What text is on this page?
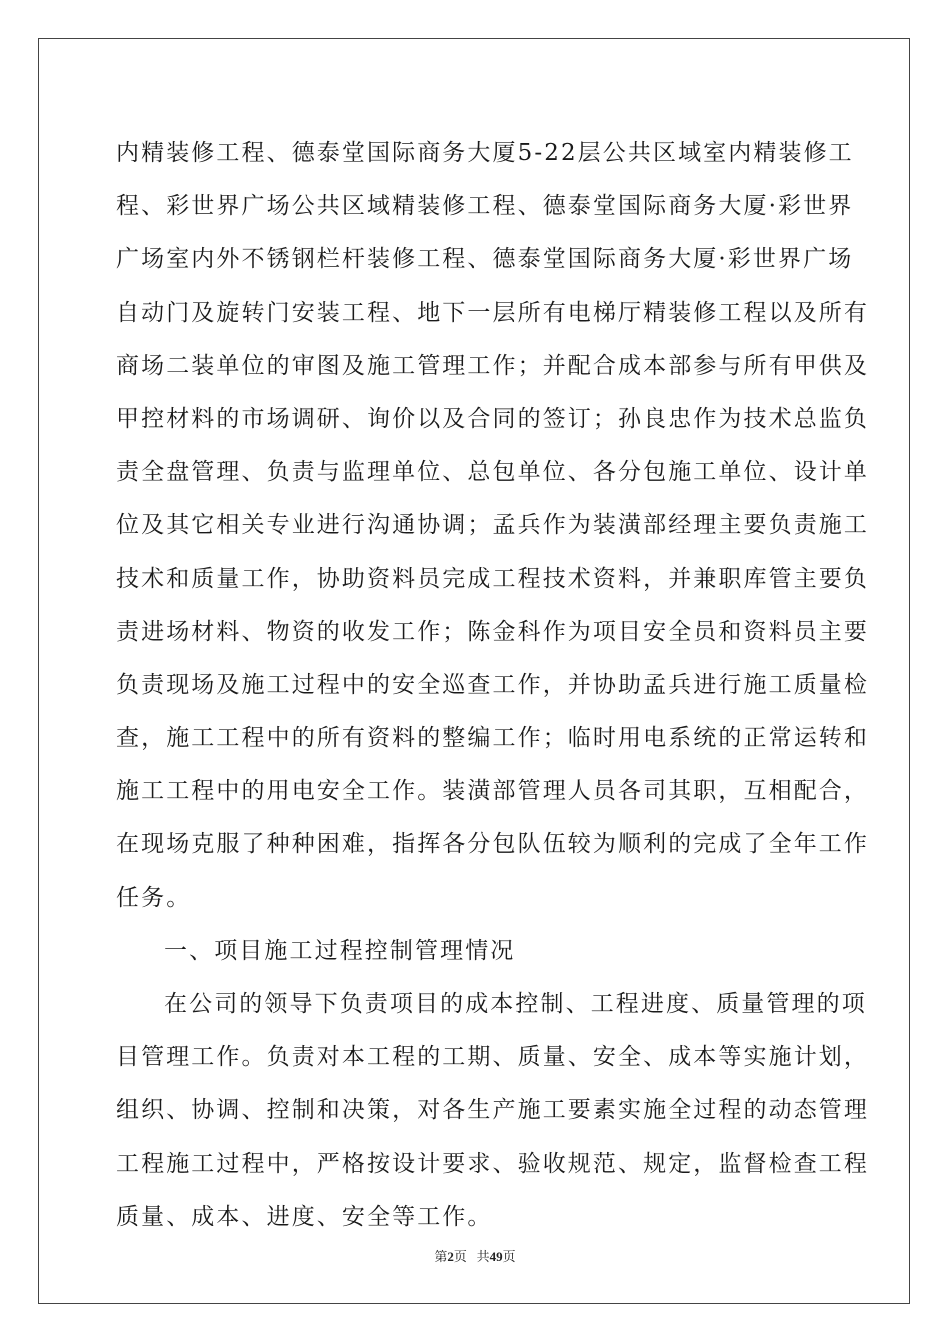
内精装修工程、德泰堂国际商务大厦5-22层公共区域室内精装修工
程、彩世界广场公共区域精装修工程、德泰堂国际商务大厦·彩世界
广场室内外不锈钢栏杆装修工程、德泰堂国际商务大厦·彩世界广场
自动门及旋转门安装工程、地下一层所有电梯厅精装修工程以及所有
商场二装单位的审图及施工管理工作；并配合成本部参与所有甲供及
甲控材料的市场调研、询价以及合同的签订；孙良忠作为技术总监负
责全盘管理、负责与监理单位、总包单位、各分包施工单位、设计单
位及其它相关专业进行沟通协调；孟兵作为装潢部经理主要负责施工
技术和质量工作，协助资料员完成工程技术资料，并兼职库管主要负
责进场材料、物资的收发工作；陈金科作为项目安全员和资料员主要
负责现场及施工过程中的安全巡查工作，并协助孟兵进行施工质量检
查，施工工程中的所有资料的整编工作；临时用电系统的正常运转和
施工工程中的用电安全工作。装潢部管理人员各司其职，互相配合，
在现场克服了种种困难，指挥各分包队伍较为顺利的完成了全年工作
任务。
一、项目施工过程控制管理情况
在公司的领导下负责项目的成本控制、工程进度、质量管理的项
目管理工作。负责对本工程的工期、质量、安全、成本等实施计划，
组织、协调、控制和决策，对各生产施工要素实施全过程的动态管理
工程施工过程中，严格按设计要求、验收规范、规定，监督检查工程
质量、成本、进度、安全等工作。
第2页 共49页
